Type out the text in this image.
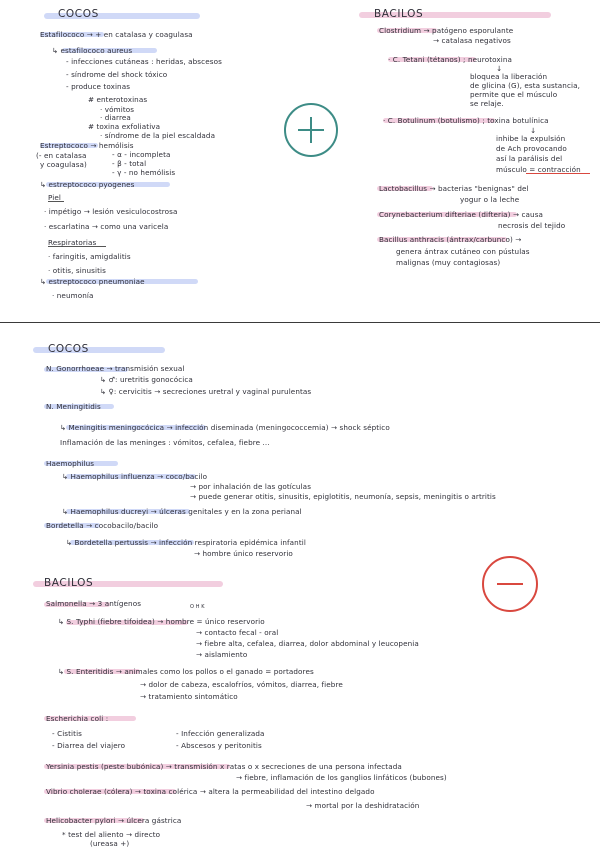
COCOS
Estafilococo → + en catalasa y coagulasa
↳ estafilococo aureus
- infecciones cutáneas : heridas, abscesos
- síndrome del shock tóxico
- produce toxinas
# enterotoxinas
· vómitos
· diarrea
# toxina exfoliativa
· síndrome de la piel escaldada
Estreptococo → hemólisis
(- en catalasa
y coagulasa)
- α - incompleta
- β - total
- γ - no hemólisis
↳ estreptococo pyogenes
Piel
· impétigo → lesión vesiculocostrosa
· escarlatina → como una varicela
Respiratorias
· faringitis, amigdalitis
· otitis, sinusitis
↳ estreptococo pneumoniae
· neumonía
BACILOS
Clostridium → patógeno esporulante
→ catalasa negativos
· C. Tetani (tétanos) ; neurotoxina
↓
bloquea la liberación
de glicina (G), esta sustancia,
permite que el músculo
se relaje.
· C. Botulinum (botulismo) ; toxina botulínica
↓
inhibe la expulsión
de Ach provocando
así la parálisis del
músculo = contracción
Lactobacillus → bacterias "benignas" del
yogur o la leche
Corynebacterium difteriae (difteria) → causa
necrosis del tejido
Bacillus anthracis (ántrax/carbunco) →
genera ántrax cutáneo con pústulas
malignas (muy contagiosas)
COCOS
N. Gonorrhoeae → transmisión sexual
↳ ♂: uretritis gonocócica
↳ ♀: cervicitis → secreciones uretral y vaginal purulentas
N. Meningitidis
↳ Meningitis meningocócica → infección diseminada (meningococcemia) → shock séptico
Inflamación de las meninges : vómitos, cefalea, fiebre ...
Haemophilus
↳ Haemophilus influenza → coco/bacilo
→ por inhalación de las gotículas
→ puede generar otitis, sinusitis, epiglotitis, neumonía, sepsis, meningitis o artritis
↳ Haemophilus ducreyi → úlceras genitales y en la zona perianal
Bordetella → cocobacilo/bacilo
↳ Bordetella pertussis → infección respiratoria epidémica infantil
→ hombre único reservorio
BACILOS
Salmonella → 3 antígenos	O H K
↳ S. Typhi (fiebre tifoidea) → hombre = único reservorio
→ contacto fecal - oral
→ fiebre alta, cefalea, diarrea, dolor abdominal y leucopenia
→ aislamiento
↳ S. Enteritidis → animales como los pollos o el ganado = portadores
→ dolor de cabeza, escalofríos, vómitos, diarrea, fiebre
→ tratamiento sintomático
Escherichia coli :
- Cistitis
- Diarrea del viajero
- Infección generalizada
- Abscesos y peritonitis
Yersinia pestis (peste bubónica) → transmisión x ratas o x secreciones de una persona infectada
→ fiebre, inflamación de los ganglios linfáticos (bubones)
Vibrio cholerae (cólera) → toxina colérica → altera la permeabilidad del intestino delgado
→ mortal por la deshidratación
Helicobacter pylori → úlcera gástrica
* test del aliento → directo
(ureasa +)
